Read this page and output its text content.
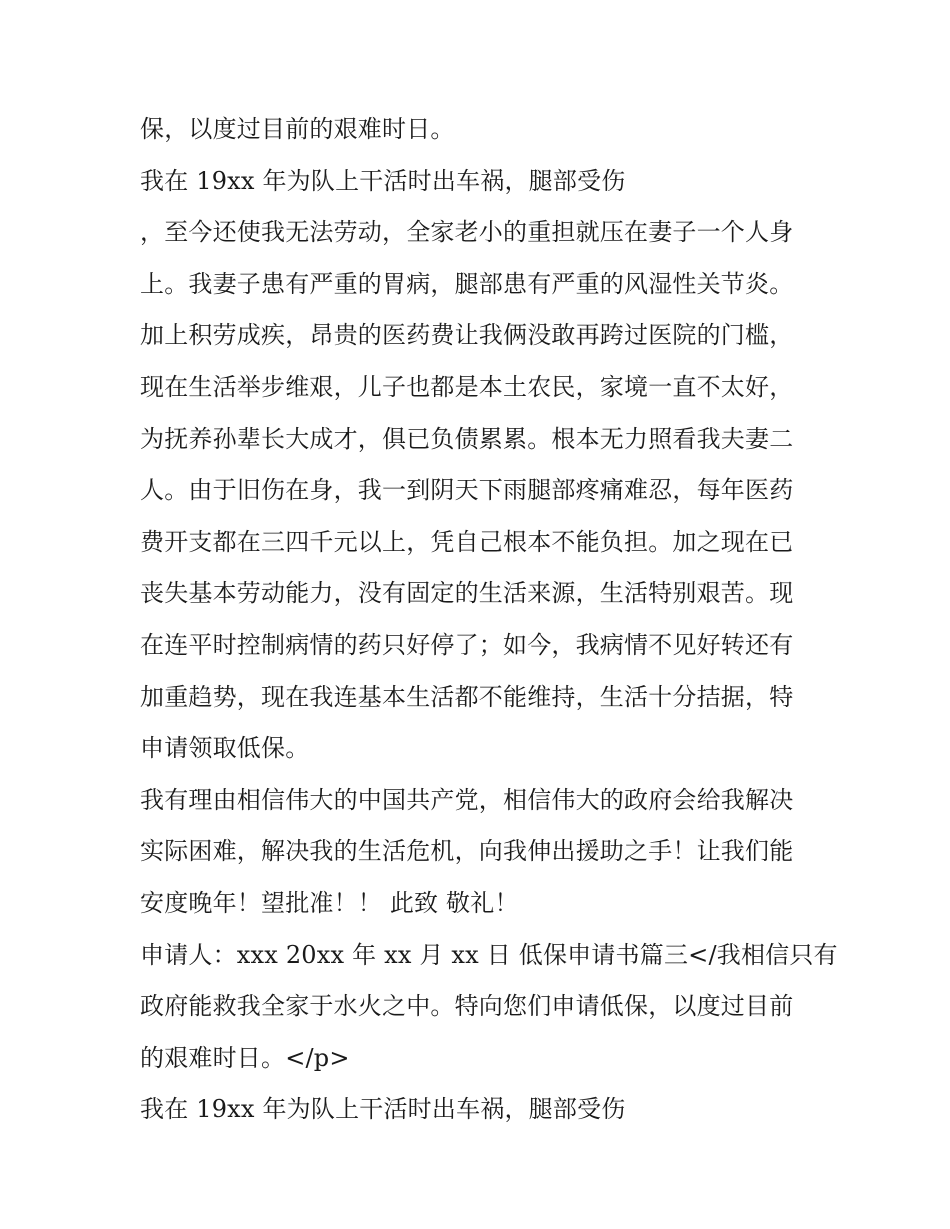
保，以度过目前的艰难时日。
我在 19xx 年为队上干活时出车祸，腿部受伤
，至今还使我无法劳动，全家老小的重担就压在妻子一个人身
上。我妻子患有严重的胃病，腿部患有严重的风湿性关节炎。
加上积劳成疾，昂贵的医药费让我俩没敢再跨过医院的门槛，
现在生活举步维艰，儿子也都是本土农民，家境一直不太好，
为抚养孙辈长大成才，俱已负债累累。根本无力照看我夫妻二
人。由于旧伤在身，我一到阴天下雨腿部疼痛难忍，每年医药
费开支都在三四千元以上，凭自己根本不能负担。加之现在已
丧失基本劳动能力，没有固定的生活来源，生活特别艰苦。现
在连平时控制病情的药只好停了；如今，我病情不见好转还有
加重趋势，现在我连基本生活都不能维持，生活十分拮据，特
申请领取低保。
我有理由相信伟大的中国共产党，相信伟大的政府会给我解决
实际困难，解决我的生活危机，向我伸出援助之手！让我们能
安度晚年！望批准！！ 此致 敬礼！
申请人：xxx 20xx 年 xx 月 xx 日 低保申请书篇三</我相信只有
政府能救我全家于水火之中。特向您们申请低保，以度过目前
的艰难时日。</p>
我在 19xx 年为队上干活时出车祸，腿部受伤
